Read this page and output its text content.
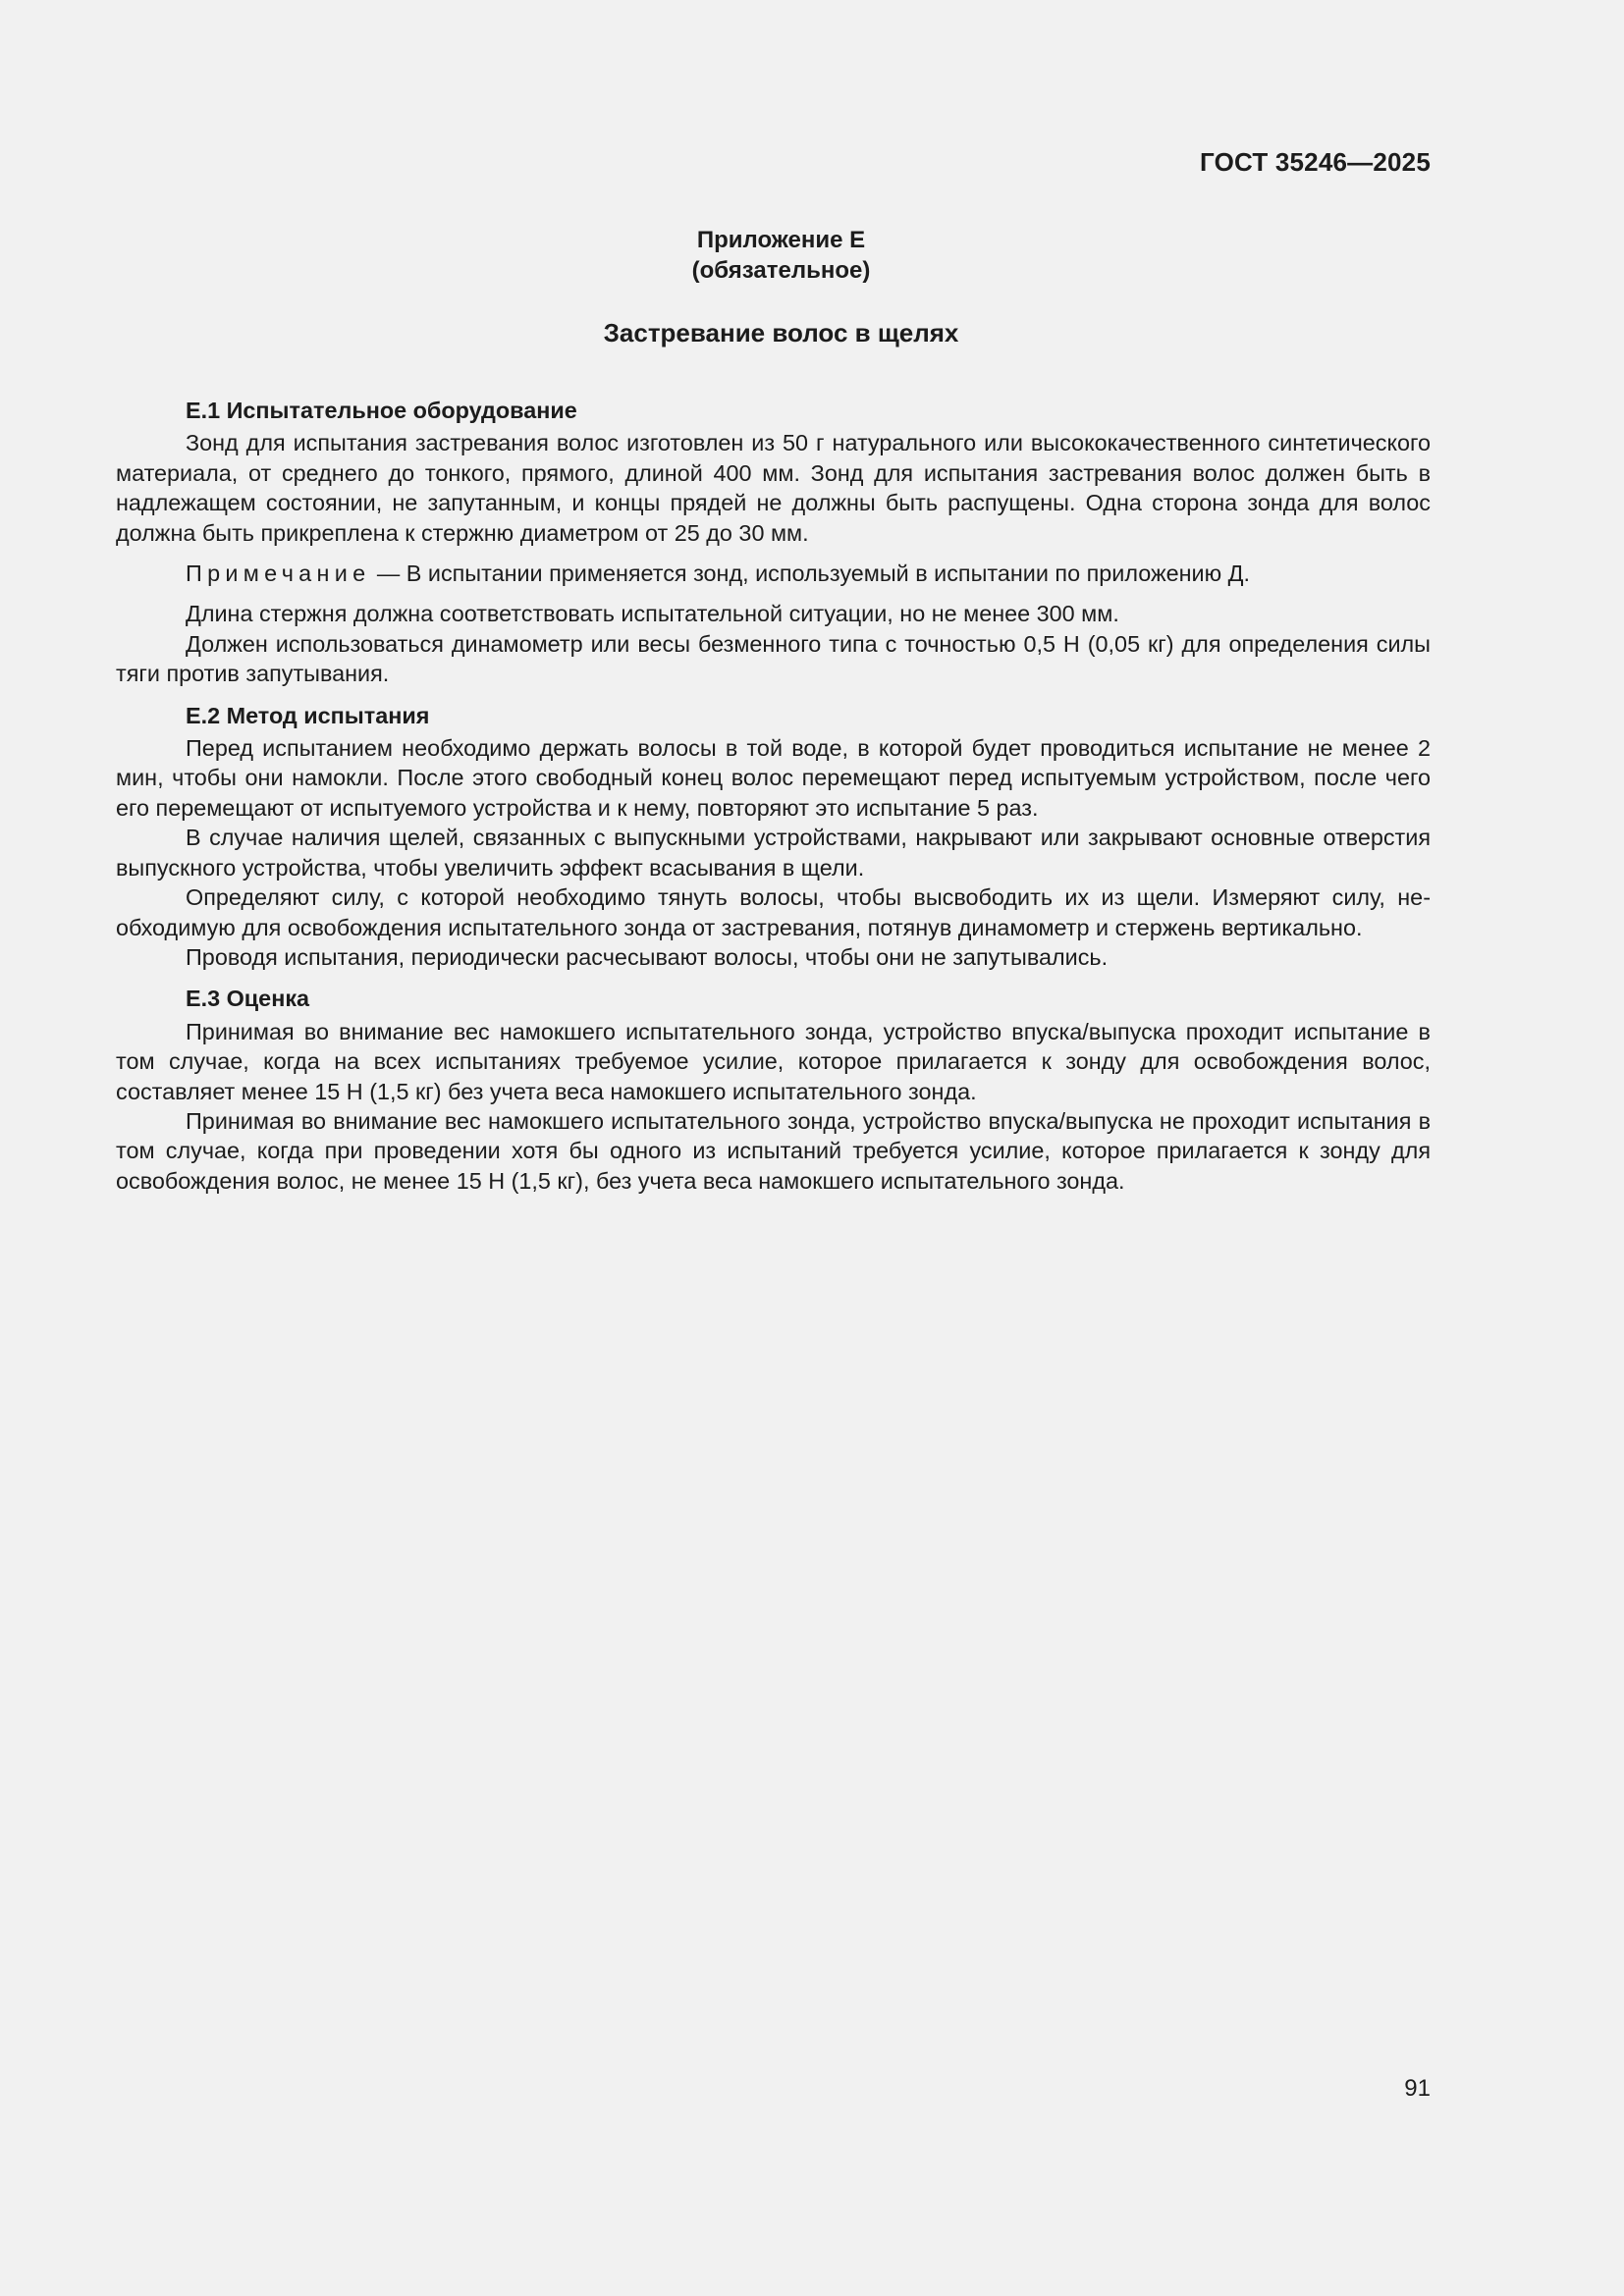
ГОСТ 35246—2025
Приложение Е
(обязательное)
Застревание волос в щелях

Е.1 Испытательное оборудование

Зонд для испытания застревания волос изготовлен из 50 г натурального или высококачественного синтетического материала, от среднего до тонкого, прямого, длиной 400 мм. Зонд для испытания застревания волос должен быть в надлежащем состоянии, не запутанным, и концы прядей не должны быть распущены. Одна сторона зонда для волос должна быть прикреплена к стержню диаметром от 25 до 30 мм.

Примечание — В испытании применяется зонд, используемый в испытании по приложению Д.

Длина стержня должна соответствовать испытательной ситуации, но не менее 300 мм.

Должен использоваться динамометр или весы безменного типа с точностью 0,5 Н (0,05 кг) для определения силы тяги против запутывания.

Е.2 Метод испытания

Перед испытанием необходимо держать волосы в той воде, в которой будет проводиться испытание не менее 2 мин, чтобы они намокли. После этого свободный конец волос перемещают перед испытуемым устройством, после чего его перемещают от испытуемого устройства и к нему, повторяют это испытание 5 раз.

В случае наличия щелей, связанных с выпускными устройствами, накрывают или закрывают основные отверстия выпускного устройства, чтобы увеличить эффект всасывания в щели.

Определяют силу, с которой необходимо тянуть волосы, чтобы высвободить их из щели. Измеряют силу, необходимую для освобождения испытательного зонда от застревания, потянув динамометр и стержень вертикально.

Проводя испытания, периодически расчесывают волосы, чтобы они не запутывались.

Е.3 Оценка

Принимая во внимание вес намокшего испытательного зонда, устройство впуска/выпуска проходит испытание в том случае, когда на всех испытаниях требуемое усилие, которое прилагается к зонду для освобождения волос, составляет менее 15 Н (1,5 кг) без учета веса намокшего испытательного зонда.

Принимая во внимание вес намокшего испытательного зонда, устройство впуска/выпуска не проходит испытания в том случае, когда при проведении хотя бы одного из испытаний требуется усилие, которое прилагается к зонду для освобождения волос, не менее 15 Н (1,5 кг), без учета веса намокшего испытательного зонда.

91
